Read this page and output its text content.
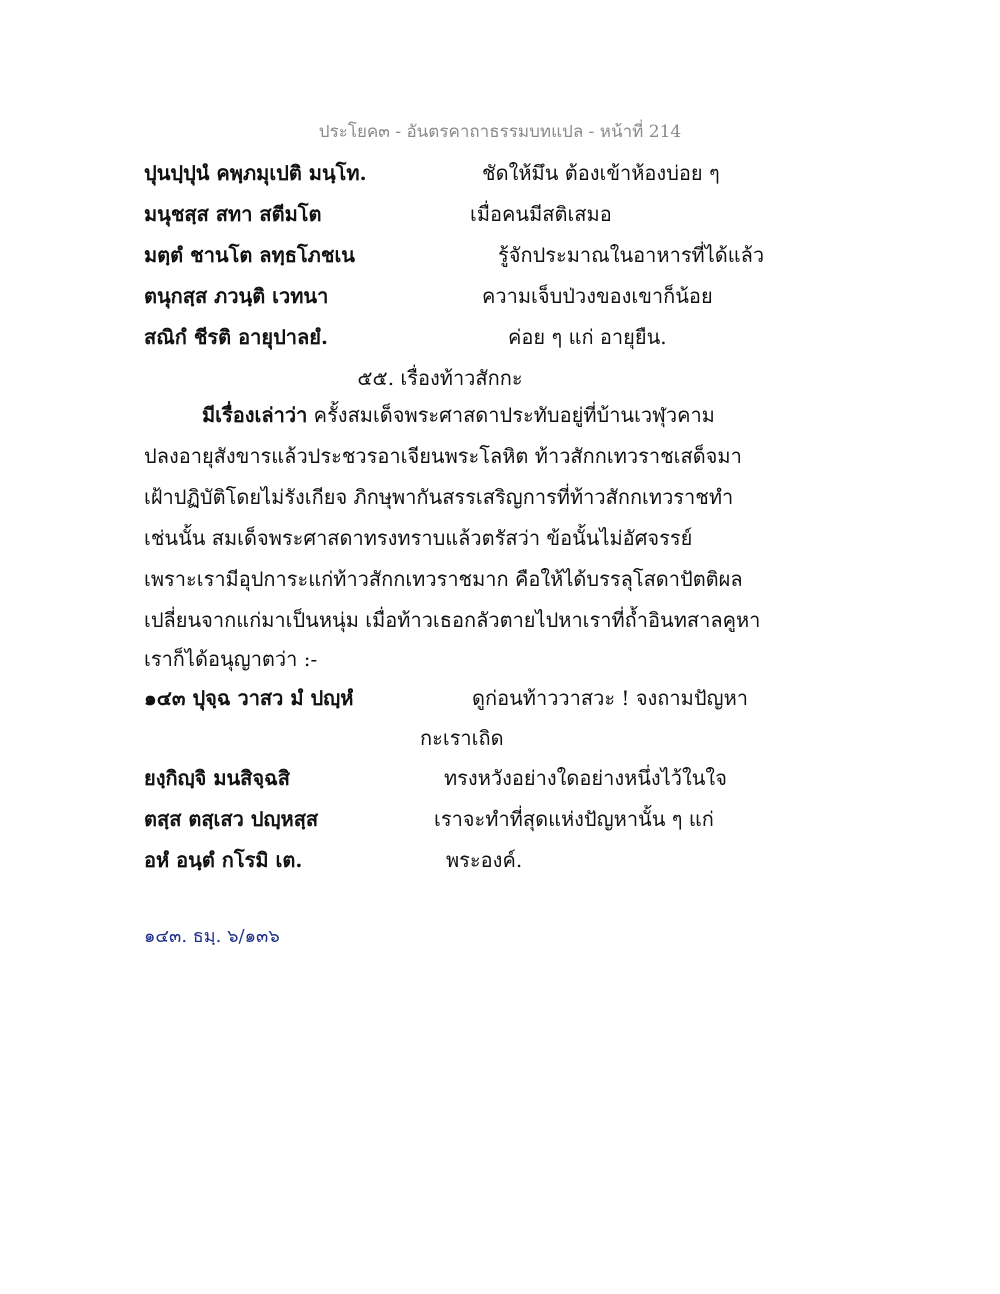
ประโยค๓ - อันตรคาถาธรรมบทแปล - หน้าที่ 214
ปุนปฺปุนํ คพฺภมุเปติ มนฺโท.	ชัดให้มึน ต้องเข้าห้องบ่อย ๆ
มนุชสฺส สทา สตีมโต	เมื่อคนมีสติเสมอ
มตฺตํ ชานโต ลทฺธโภชเน	รู้จักประมาณในอาหารที่ได้แล้ว
ตนุกสฺส ภวนฺติ เวทนา	ความเจ็บป่วงของเขาก็น้อย
สณิกํ ชีรติ อายุปาลยํ.	ค่อย ๆ แก่ อายุยืน.
๕๕. เรื่องท้าวสักกะ
มีเรื่องเล่าว่า ครั้งสมเด็จพระศาสดาประทับอยู่ที่บ้านเวฬุวคาม
ปลงอายุสังขารแล้วประชวรอาเจียนพระโลหิต ท้าวสักกเทวราชเสด็จมา
เฝ้าปฏิบัติโดยไม่รังเกียจ ภิกษุพากันสรรเสริญการที่ท้าวสักกเทวราชทำ
เช่นนั้น สมเด็จพระศาสดาทรงทราบแล้วตรัสว่า ข้อนั้นไม่อัศจรรย์
เพราะเรามีอุปการะแก่ท้าวสักกเทวราชมาก คือให้ได้บรรลุโสดาปัตติผล
เปลี่ยนจากแก่มาเป็นหนุ่ม เมื่อท้าวเธอกลัวตายไปหาเราที่ถ้ำอินทสาลคูหา
เราก็ได้อนุญาตว่า :-
๑๔๓ ปุจฺฉ วาสว มํ ปญฺหํ	ดูก่อนท้าววาสวะ ! จงถามปัญหา
กะเราเถิด
ยงฺกิญฺจิ มนสิจฺฉสิ	ทรงหวังอย่างใดอย่างหนึ่งไว้ในใจ
ตสฺส ตสฺเสว ปญฺหสฺส	เราจะทำที่สุดแห่งปัญหานั้น ๆ แก่
อหํ อนฺตํ กโรมิ เต.	พระองค์.
๑๔๓. ธมฺ. ๖/๑๓๖
